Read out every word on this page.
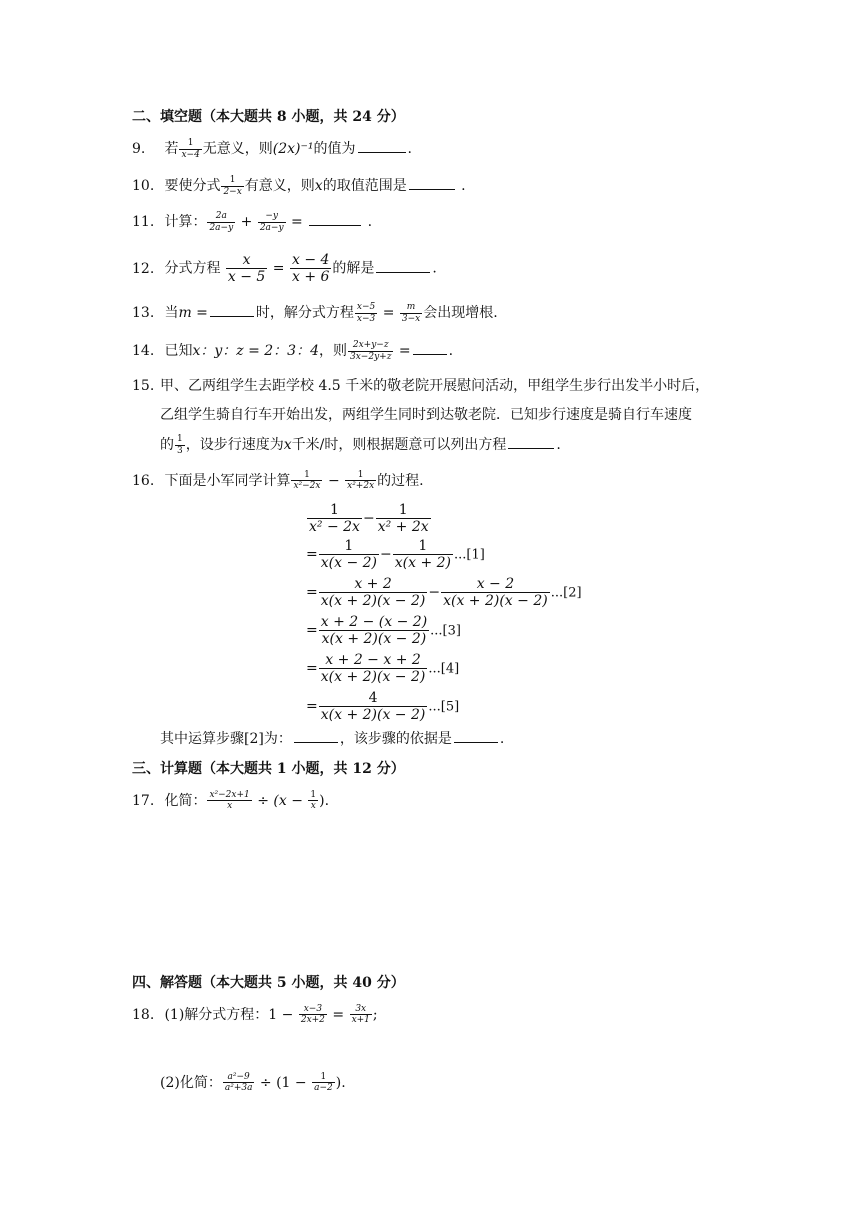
二、填空题（本大题共 8 小题，共 24 分）
9. 若 $\frac{1}{x-4}$ 无意义，则(2x)⁻¹的值为	.
10. 要使分式 $\frac{1}{2-x}$ 有意义，则x的取值范围是	.
11. 计算： $\frac{2a}{2a-y} + \frac{-y}{2a-y}$ =	.
12. 分式方程 $\frac{x}{x - 5} = \frac{x - 4}{x + 6}$ 的解是	.
13. 当m =	时，解分式方程 $\frac{x-5}{x-3} = \frac{m}{3-x}$ 会出现增根.
14. 已知x：y：z = 2：3：4，则 $\frac{2x+y-z}{3x-2y+z}$ =	.
15. 甲、乙两组学生去距学校 4.5 千米的敬老院开展慰问活动，甲组学生步行出发半小时后，
乙组学生骑自行车开始出发，两组学生同时到达敬老院．已知步行速度是骑自行车速度
的 $\frac{1}{3}$ ，设步行速度为x千米/时，则根据题意可以列出方程	.
16. 下面是小军同学计算 $\frac{1}{\text{x²−2x}} - \frac{1}{\text{x²+2x}}$ 的过程.
$\frac{1}{\text{x² − 2x}} - \frac{1}{\text{x² + 2x}}$
= $\frac{1}{x(x - 2)} - \frac{1}{x(x + 2)} ...[1]$
= $\frac{x + 2}{x(x + 2)(x - 2)} - \frac{x - 2}{x(x + 2)(x - 2)} ...[2]$
= $\frac{x + 2 - (x - 2)}{x(x + 2)(x - 2)} ...[3]$
= $\frac{x + 2 - x + 2}{x(x + 2)(x - 2)} ...[4]$
= $\frac{4}{x(x + 2)(x - 2)} ...[5]$
其中运算步骤[2]为：	，该步骤的依据是	.
三、计算题（本大题共 1 小题，共 12 分）
17. 化简： $\frac{\text{x²−2x+1}}{x} \div (x - \frac{1}{x}$ ).
四、解答题（本大题共 5 小题，共 40 分）
18. (1)解分式方程：$1 - \frac{x-3}{2x+2} = \frac{3x}{x+1}$ ;
(2)化简： $\frac{\text{a²−9}}{\text{a²+3a}} \div (1 - \frac{1}{a-2}$ ).
